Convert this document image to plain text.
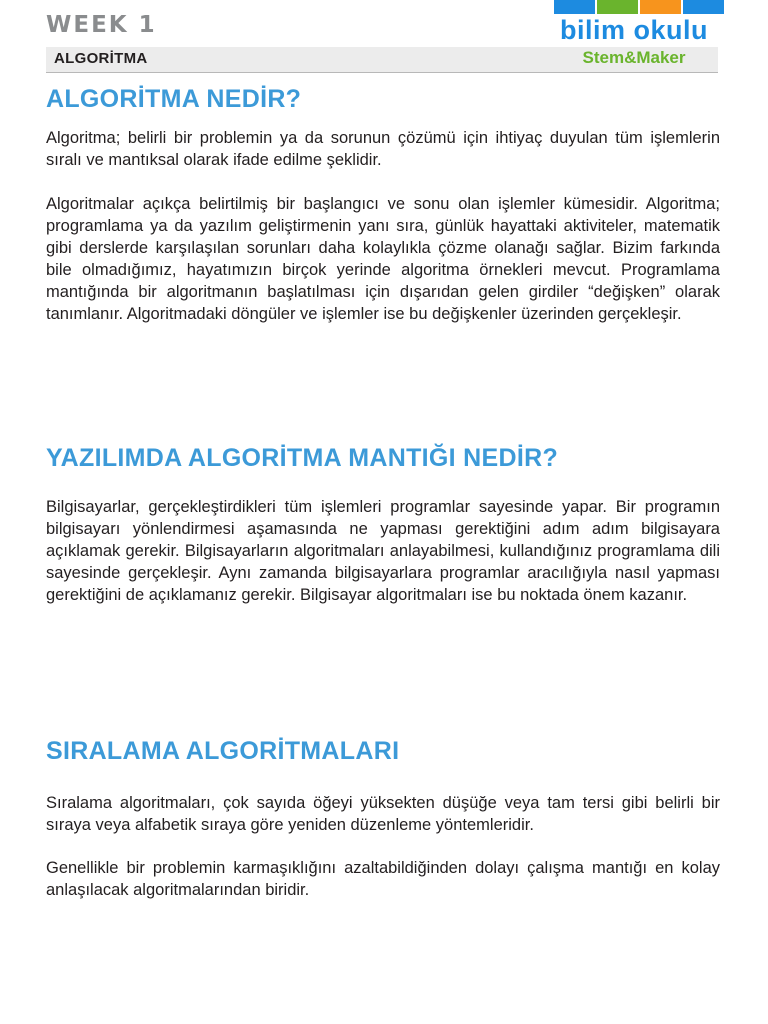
WEEK 1
ALGORİTMA
bilim okulu
Stem&Maker
ALGORİTMA NEDİR?

Algoritma; belirli bir problemin ya da sorunun çözümü için ihtiyaç duyulan tüm işlemlerin sıralı ve mantıksal olarak ifade edilme şeklidir.

Algoritmalar açıkça belirtilmiş bir başlangıcı ve sonu olan işlemler kümesidir. Algoritma; programlama ya da yazılım geliştirmenin yanı sıra, günlük hayattaki aktiviteler, matematik gibi derslerde karşılaşılan sorunları daha kolaylıkla çözme olanağı sağlar. Bizim farkında bile olmadığımız, hayatımızın birçok yerinde algoritma örnekleri mevcut. Programlama mantığında bir algoritmanın başlatılması için dışarıdan gelen girdiler “değişken” olarak tanımlanır. Algoritmadaki döngüler ve işlemler ise bu değişkenler üzerinden gerçekleşir.

YAZILIMDA ALGORİTMA MANTIĞI NEDİR?

Bilgisayarlar, gerçekleştirdikleri tüm işlemleri programlar sayesinde yapar. Bir programın bilgisayarı yönlendirmesi aşamasında ne yapması gerektiğini adım adım bilgisayara açıklamak gerekir. Bilgisayarların algoritmaları anlayabilmesi, kullandığınız programlama dili sayesinde gerçekleşir. Aynı zamanda bilgisayarlara programlar aracılığıyla nasıl yapması gerektiğini de açıklamanız gerekir. Bilgisayar algoritmaları ise bu noktada önem kazanır.

SIRALAMA ALGORİTMALARI

Sıralama algoritmaları, çok sayıda öğeyi yüksekten düşüğe veya tam tersi gibi belirli bir sıraya veya alfabetik sıraya göre yeniden düzenleme yöntemleridir.

Genellikle bir problemin karmaşıklığını azaltabildiğinden dolayı çalışma mantığı en kolay anlaşılacak algoritmalarından biridir.
